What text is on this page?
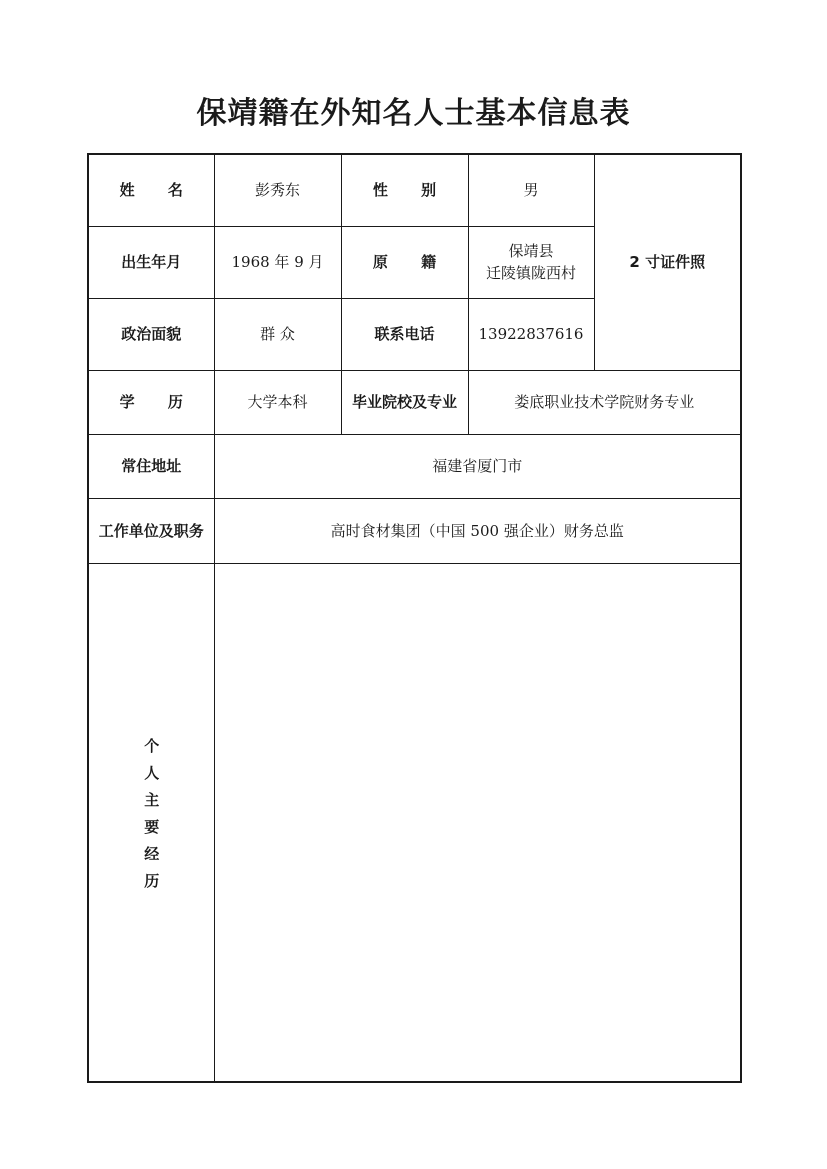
保靖籍在外知名人士基本信息表
姓 名	彭秀东	性 别	男	2 寸证件照
出生年月	1968 年 9 月	原 籍	保靖县
迁陵镇陇西村	

政治面貌	群 众	联系电话	13922837616	
学 历	大学本科	毕业院校及专业	娄底职业技术学院财务专业	
常住地址	福建省厦门市			
工作单位及职务	高时食材集团（中国 500 强企业）财务总监			
个人主要经历				
